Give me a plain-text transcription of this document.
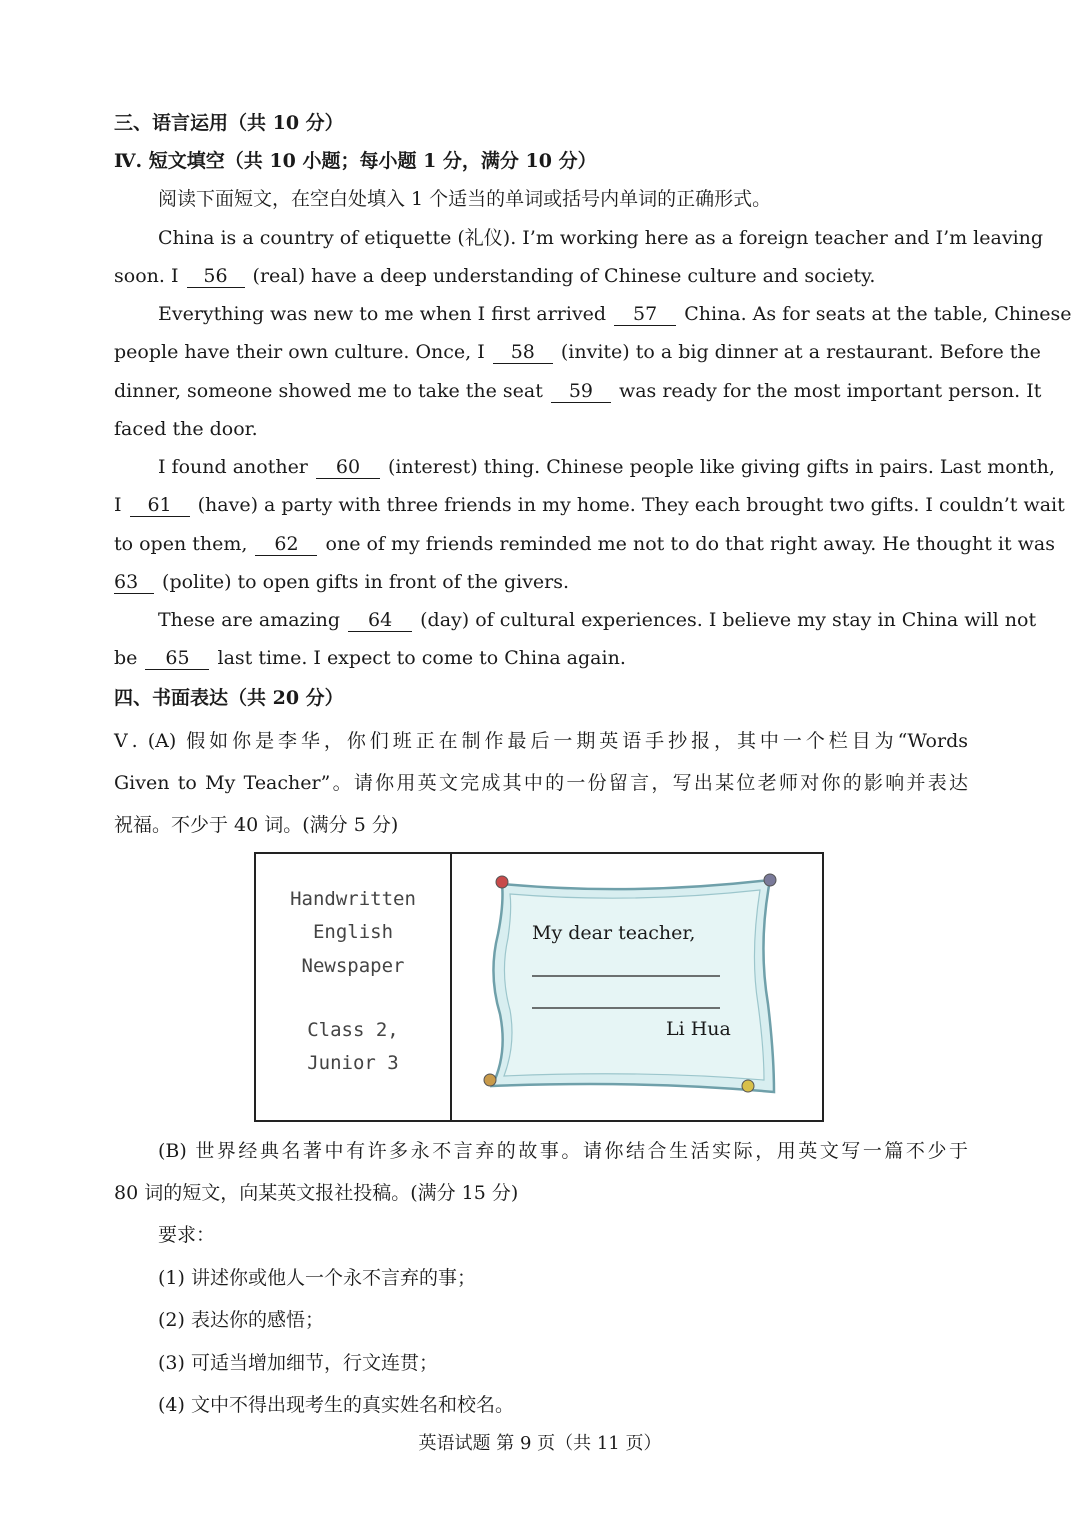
三、语言运用（共 10 分）
Ⅳ. 短文填空（共 10 小题；每小题 1 分，满分 10 分）
阅读下面短文，在空白处填入 1 个适当的单词或括号内单词的正确形式。
China is a country of etiquette (礼仪). I’m working here as a foreign teacher and I’m leaving
soon. I 56 (real) have a deep understanding of Chinese culture and society.
Everything was new to me when I first arrived 57 China. As for seats at the table, Chinese
people have their own culture. Once, I 58 (invite) to a big dinner at a restaurant. Before the
dinner, someone showed me to take the seat 59 was ready for the most important person. It
faced the door.
I found another 60 (interest) thing. Chinese people like giving gifts in pairs. Last month,
I 61 (have) a party with three friends in my home. They each brought two gifts. I couldn’t wait
to open them, 62 one of my friends reminded me not to do that right away. He thought it was
63 (polite) to open gifts in front of the givers.
These are amazing 64 (day) of cultural experiences. I believe my stay in China will not
be 65 last time. I expect to come to China again.
四、书面表达（共 20 分）
Ⅴ. (A) 假如你是李华，你们班正在制作最后一期英语手抄报，其中一个栏目为“Words
Given to My Teacher”。请你用英文完成其中的一份留言，写出某位老师对你的影响并表达
祝福。不少于 40 词。(满分 5 分)
Handwritten
English
Newspaper
Class 2,
Junior 3
My dear teacher,
Li Hua
(B) 世界经典名著中有许多永不言弃的故事。请你结合生活实际，用英文写一篇不少于
80 词的短文，向某英文报社投稿。(满分 15 分)
要求：
(1) 讲述你或他人一个永不言弃的事；
(2) 表达你的感悟；
(3) 可适当增加细节，行文连贯；
(4) 文中不得出现考生的真实姓名和校名。
英语试题 第 9 页（共 11 页）
